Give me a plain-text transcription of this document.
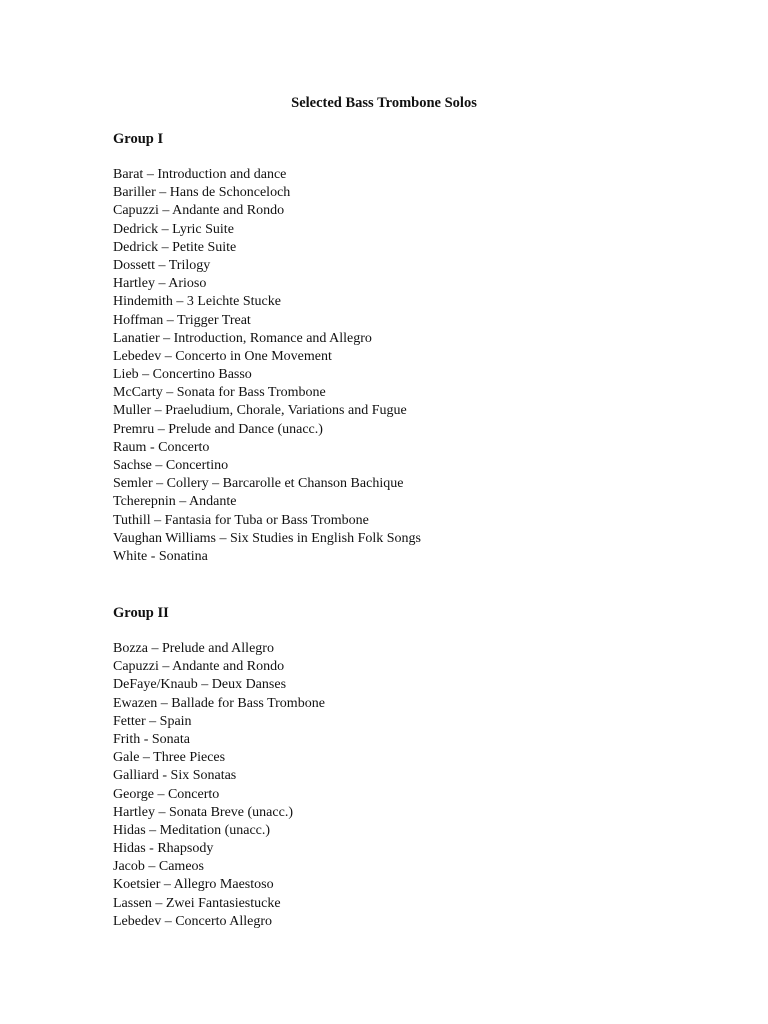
Selected Bass Trombone Solos
Group I
Barat – Introduction and dance
Bariller – Hans de Schonceloch
Capuzzi – Andante and Rondo
Dedrick – Lyric Suite
Dedrick – Petite Suite
Dossett – Trilogy
Hartley – Arioso
Hindemith – 3 Leichte Stucke
Hoffman – Trigger Treat
Lanatier – Introduction, Romance and Allegro
Lebedev – Concerto in One Movement
Lieb – Concertino Basso
McCarty – Sonata for Bass Trombone
Muller – Praeludium, Chorale, Variations and Fugue
Premru – Prelude and Dance (unacc.)
Raum - Concerto
Sachse – Concertino
Semler – Collery – Barcarolle et Chanson Bachique
Tcherepnin – Andante
Tuthill – Fantasia for Tuba or Bass Trombone
Vaughan Williams – Six Studies in English Folk Songs
White - Sonatina
Group II
Bozza – Prelude and Allegro
Capuzzi – Andante and Rondo
DeFaye/Knaub – Deux Danses
Ewazen – Ballade for Bass Trombone
Fetter – Spain
Frith - Sonata
Gale – Three Pieces
Galliard - Six Sonatas
George – Concerto
Hartley – Sonata Breve (unacc.)
Hidas – Meditation (unacc.)
Hidas - Rhapsody
Jacob – Cameos
Koetsier – Allegro Maestoso
Lassen – Zwei Fantasiestucke
Lebedev – Concerto Allegro
